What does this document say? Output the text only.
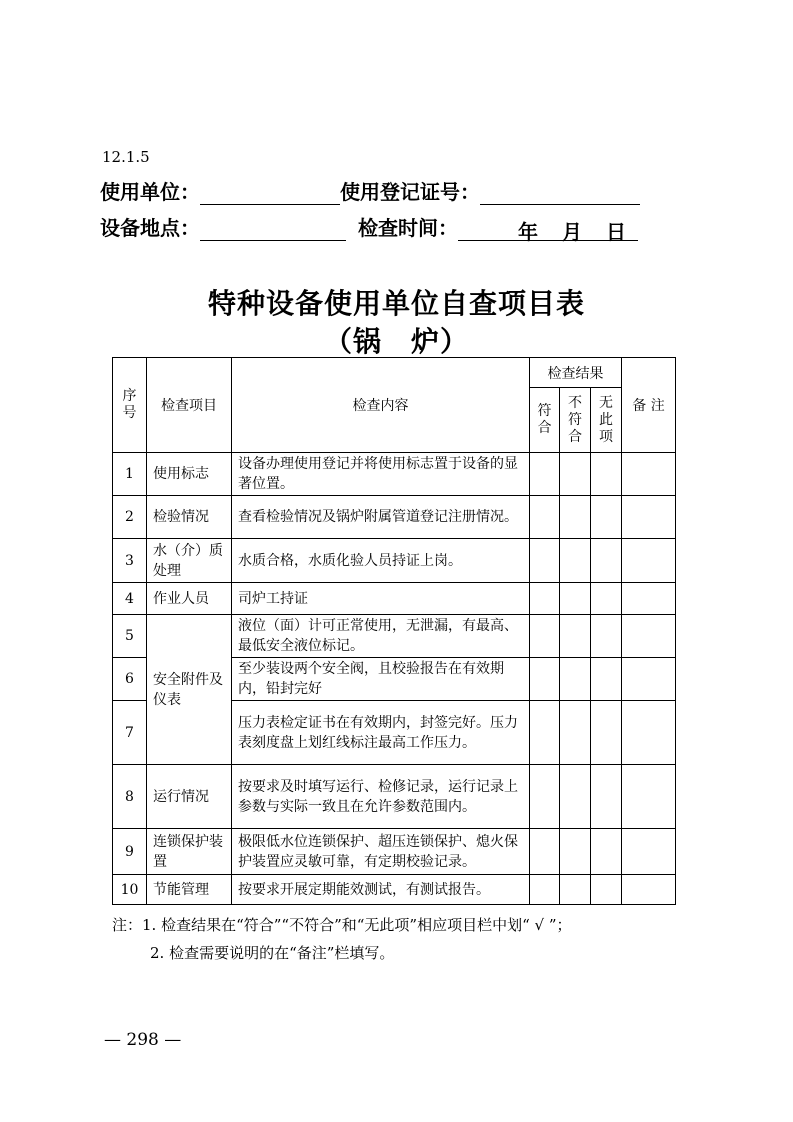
12.1.5
使用单位：	使用登记证号：
设备地点：	检查时间：	年 月 日
特种设备使用单位自查项目表
（锅　炉）
序号	检查项目	检查内容	检查结果			备 注

			符合	不符合	无此项	

1	使用标志	设备办理使用登记并将使用标志置于设备的显著位置。				
2	检验情况	查看检验情况及锅炉附属管道登记注册情况。				
3	水（介）质处理	水质合格，水质化验人员持证上岗。				
4	作业人员	司炉工持证				
5	安全附件及仪表	液位（面）计可正常使用，无泄漏，有最高、最低安全液位标记。				
6		至少装设两个安全阀，且校验报告在有效期内，铅封完好				
7		压力表检定证书在有效期内，封签完好。压力表刻度盘上划红线标注最高工作压力。				
8	运行情况	按要求及时填写运行、检修记录，运行记录上参数与实际一致且在允许参数范围内。				
9	连锁保护装置	极限低水位连锁保护、超压连锁保护、熄火保护装置应灵敏可靠，有定期校验记录。				
10	节能管理	按要求开展定期能效测试，有测试报告。				
注：1. 检查结果在“符合”“不符合”和“无此项”相应项目栏中划“ √ ”；
2. 检查需要说明的在“备注”栏填写。
— 298 —
